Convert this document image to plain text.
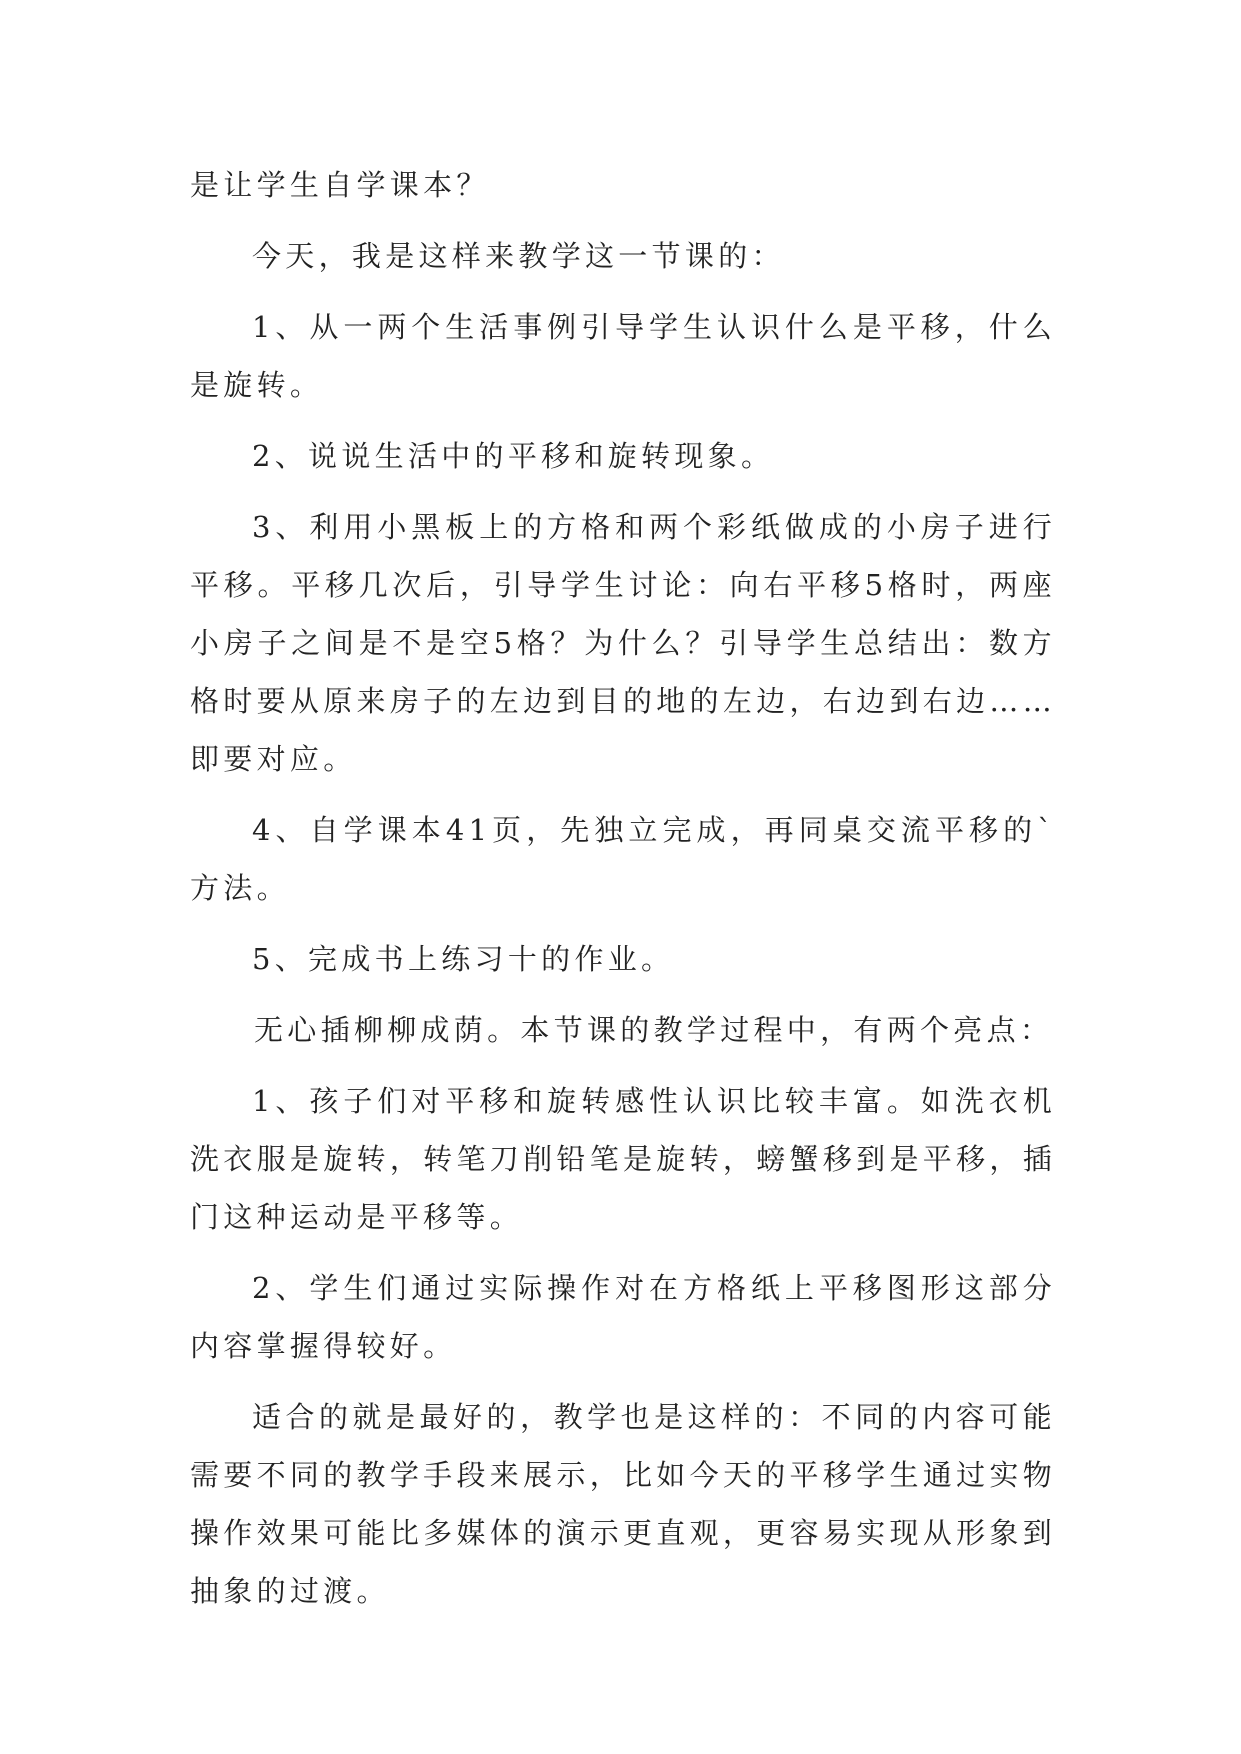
是让学生自学课本？

今天，我是这样来教学这一节课的：

1、从一两个生活事例引导学生认识什么是平移，什么是旋转。

2、说说生活中的平移和旋转现象。

3、利用小黑板上的方格和两个彩纸做成的小房子进行平移。平移几次后，引导学生讨论：向右平移5格时，两座小房子之间是不是空5格？为什么？引导学生总结出：数方格时要从原来房子的左边到目的地的左边，右边到右边……即要对应。

4、自学课本41页，先独立完成，再同桌交流平移的`方法。

5、完成书上练习十的作业。

无心插柳柳成荫。本节课的教学过程中，有两个亮点：

1、孩子们对平移和旋转感性认识比较丰富。如洗衣机洗衣服是旋转，转笔刀削铅笔是旋转，螃蟹移到是平移，插门这种运动是平移等。

2、学生们通过实际操作对在方格纸上平移图形这部分内容掌握得较好。

适合的就是最好的，教学也是这样的：不同的内容可能需要不同的教学手段来展示，比如今天的平移学生通过实物操作效果可能比多媒体的演示更直观，更容易实现从形象到抽象的过渡。
